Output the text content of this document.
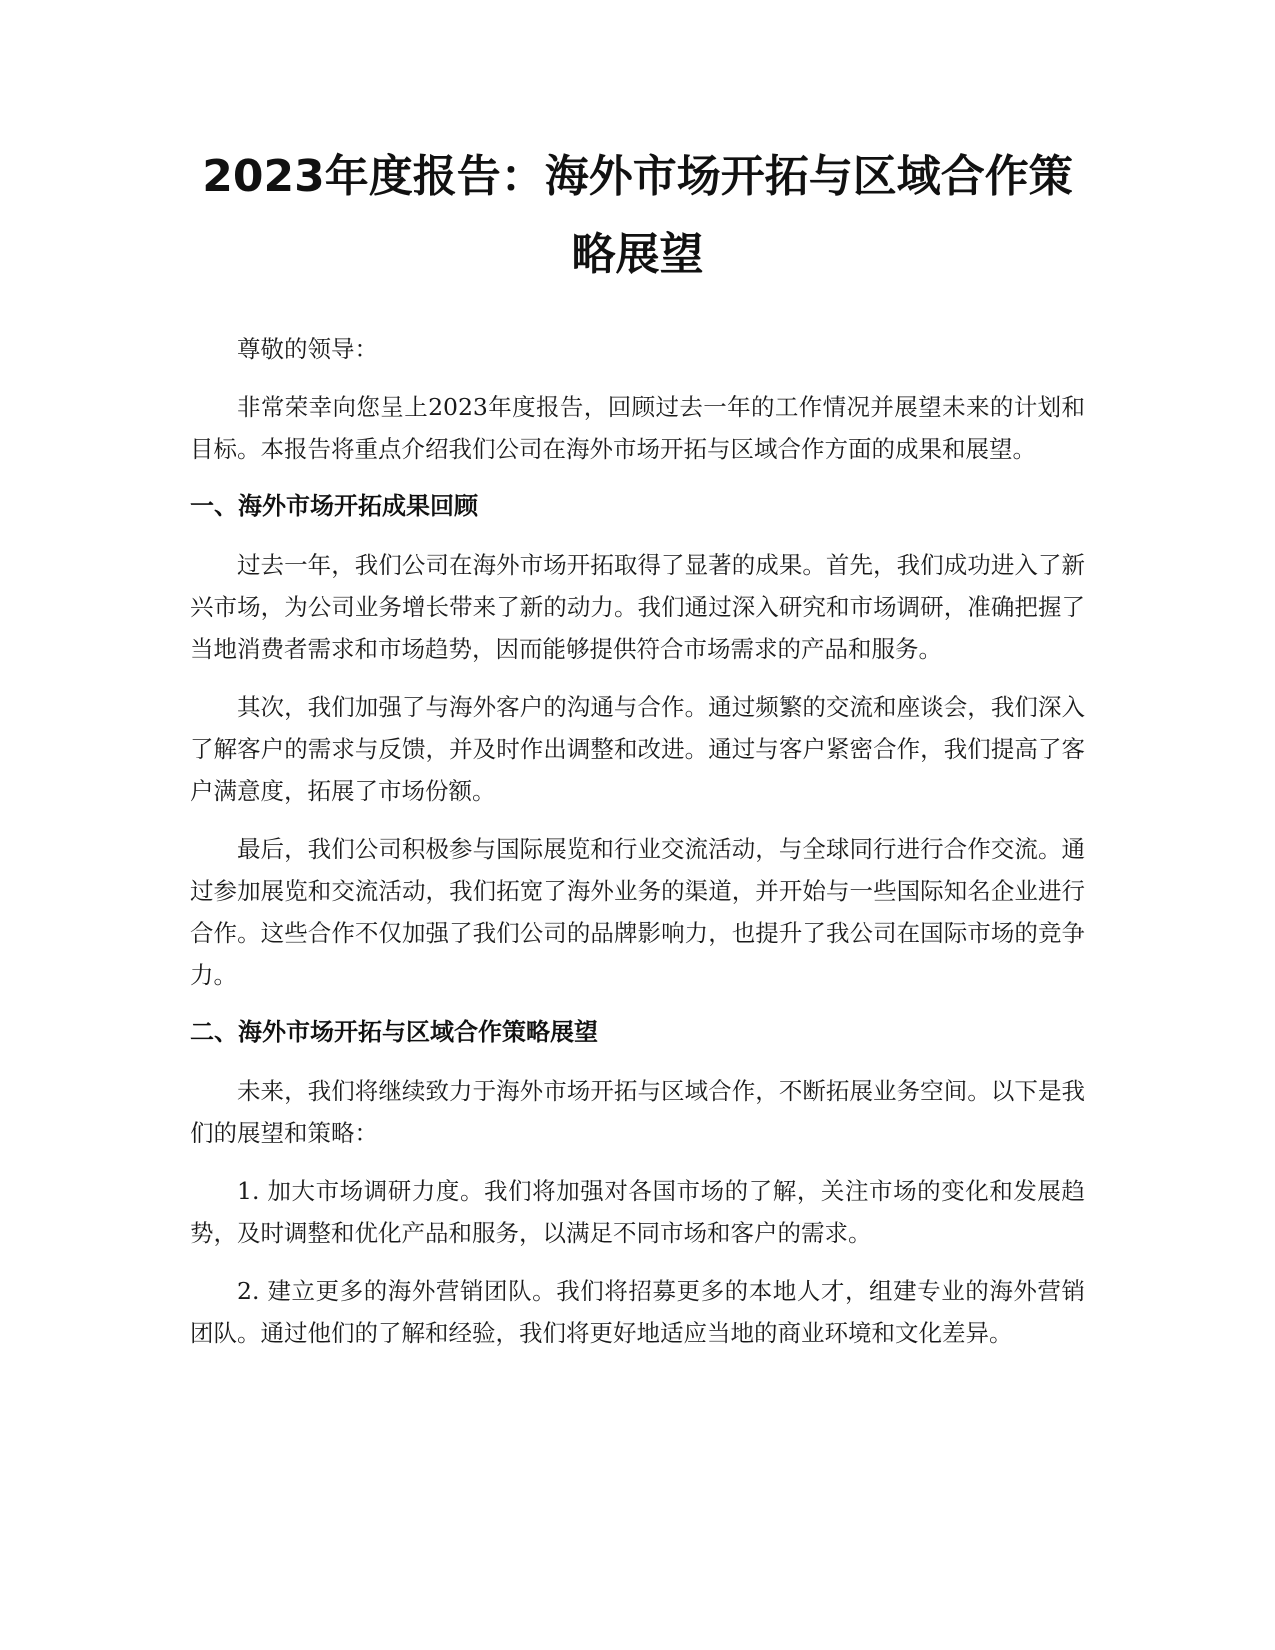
2023年度报告：海外市场开拓与区域合作策略展望

尊敬的领导：

非常荣幸向您呈上2023年度报告，回顾过去一年的工作情况并展望未来的计划和目标。本报告将重点介绍我们公司在海外市场开拓与区域合作方面的成果和展望。

一、海外市场开拓成果回顾

过去一年，我们公司在海外市场开拓取得了显著的成果。首先，我们成功进入了新兴市场，为公司业务增长带来了新的动力。我们通过深入研究和市场调研，准确把握了当地消费者需求和市场趋势，因而能够提供符合市场需求的产品和服务。

其次，我们加强了与海外客户的沟通与合作。通过频繁的交流和座谈会，我们深入了解客户的需求与反馈，并及时作出调整和改进。通过与客户紧密合作，我们提高了客户满意度，拓展了市场份额。

最后，我们公司积极参与国际展览和行业交流活动，与全球同行进行合作交流。通过参加展览和交流活动，我们拓宽了海外业务的渠道，并开始与一些国际知名企业进行合作。这些合作不仅加强了我们公司的品牌影响力，也提升了我公司在国际市场的竞争力。

二、海外市场开拓与区域合作策略展望

未来，我们将继续致力于海外市场开拓与区域合作，不断拓展业务空间。以下是我们的展望和策略：

1. 加大市场调研力度。我们将加强对各国市场的了解，关注市场的变化和发展趋势，及时调整和优化产品和服务，以满足不同市场和客户的需求。

2. 建立更多的海外营销团队。我们将招募更多的本地人才，组建专业的海外营销团队。通过他们的了解和经验，我们将更好地适应当地的商业环境和文化差异。
